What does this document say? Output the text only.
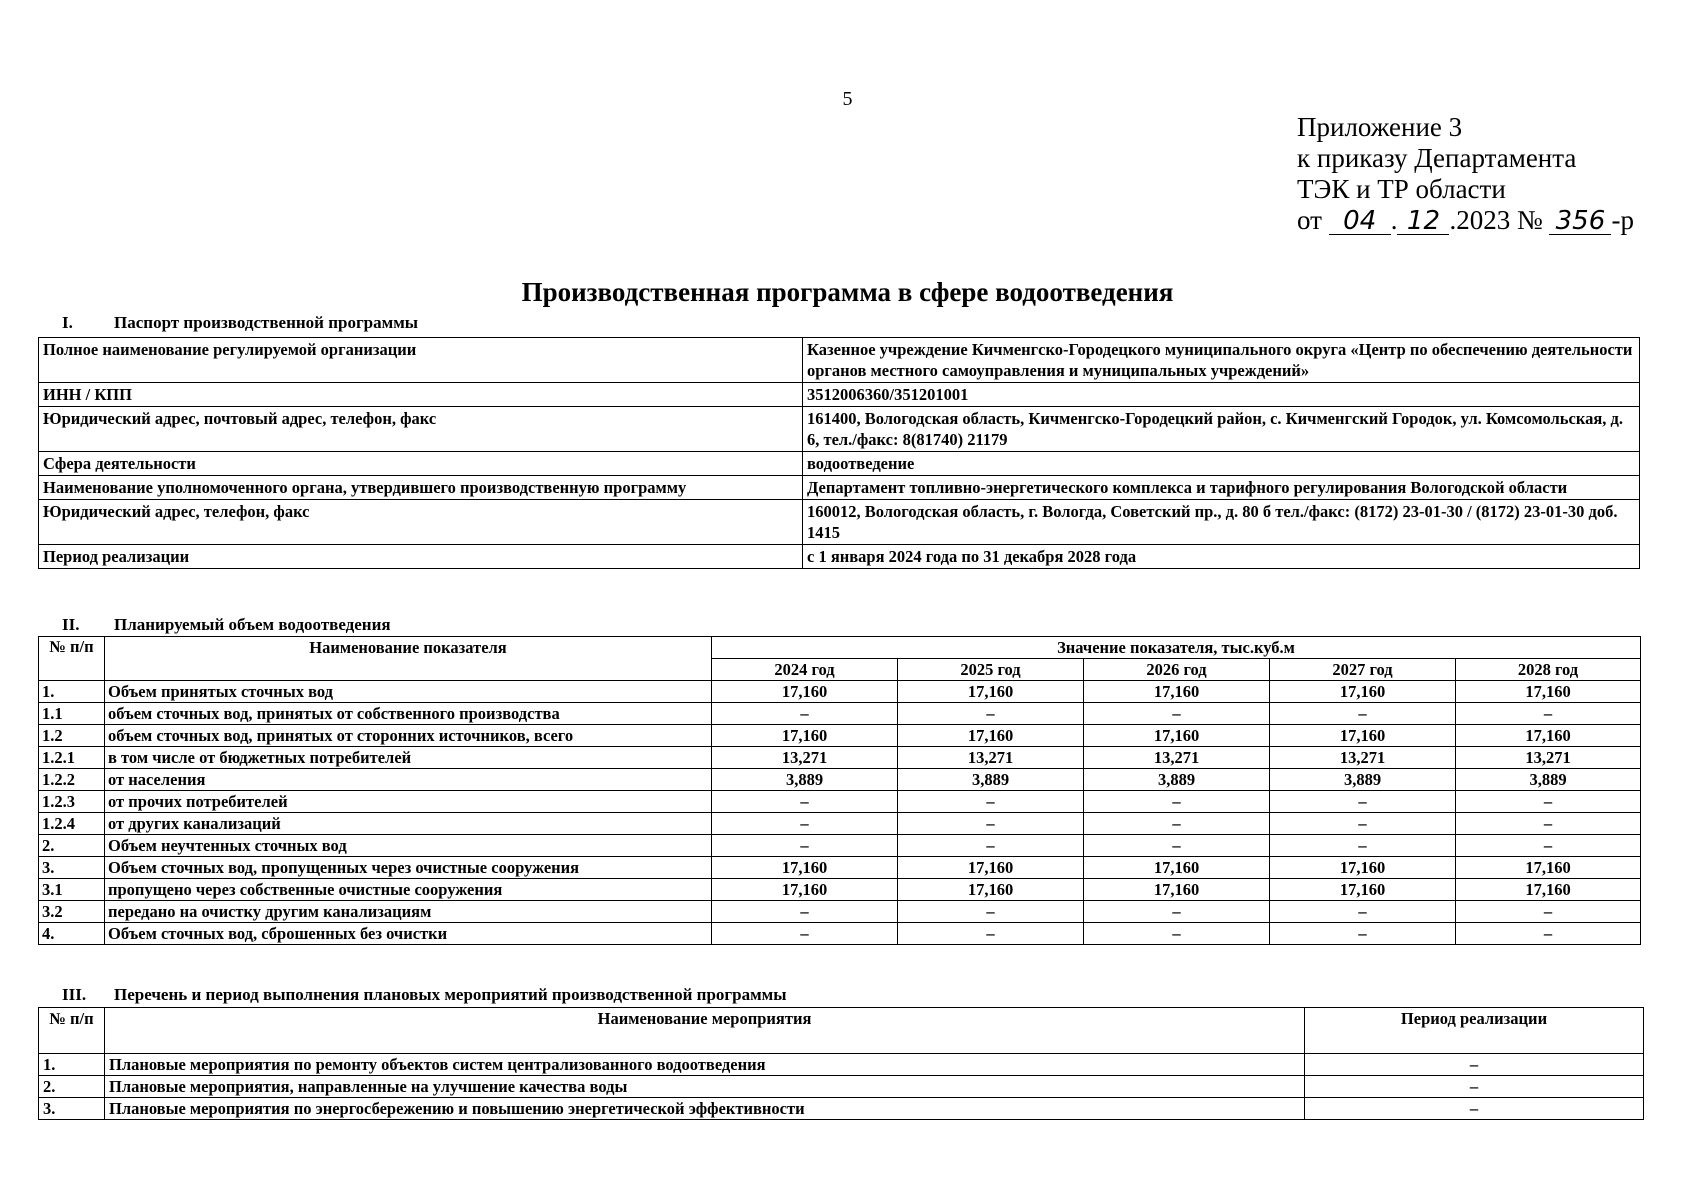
5
Приложение 3
к приказу Департамента
ТЭК и ТР области
от 04 . 12 .2023 № 356 -р
Производственная программа в сфере водоотведения
I. Паспорт производственной программы
Полное наименование регулируемой организации	Казенное учреждение Кичменгско-Городецкого муниципального округа «Центр по обеспечению деятельности органов местного самоуправления и муниципальных учреждений»
ИНН / КПП	3512006360/351201001
Юридический адрес, почтовый адрес, телефон, факс	161400, Вологодская область, Кичменгско-Городецкий район, с. Кичменгский Городок, ул. Комсомольская, д. 6, тел./факс: 8(81740) 21179
Сфера деятельности	водоотведение
Наименование уполномоченного органа, утвердившего производственную программу	Департамент топливно-энергетического комплекса и тарифного регулирования Вологодской области
Юридический адрес, телефон, факс	160012, Вологодская область, г. Вологда, Советский пр., д. 80 б тел./факс: (8172) 23-01-30 / (8172) 23-01-30 доб. 1415
Период реализации	с 1 января 2024 года по 31 декабря 2028 года
II. Планируемый объем водоотведения
№ п/п	Наименование показателя	Значение показателя, тыс.куб.м				
		2024 год	2025 год	2026 год	2027 год	2028 год
1.	Объем принятых сточных вод	17,160	17,160	17,160	17,160	17,160
1.1	объем сточных вод, принятых от собственного производства	–	–	–	–	–
1.2	объем сточных вод, принятых от сторонних источников, всего	17,160	17,160	17,160	17,160	17,160
1.2.1	в том числе от бюджетных потребителей	13,271	13,271	13,271	13,271	13,271
1.2.2	от населения	3,889	3,889	3,889	3,889	3,889
1.2.3	от прочих потребителей	–	–	–	–	–
1.2.4	от других канализаций	–	–	–	–	–
2.	Объем неучтенных сточных вод	–	–	–	–	–
3.	Объем сточных вод, пропущенных через очистные сооружения	17,160	17,160	17,160	17,160	17,160
3.1	пропущено через собственные очистные сооружения	17,160	17,160	17,160	17,160	17,160
3.2	передано на очистку другим канализациям	–	–	–	–	–
4.	Объем сточных вод, сброшенных без очистки	–	–	–	–	–
III. Перечень и период выполнения плановых мероприятий производственной программы
№ п/п	Наименование мероприятия	Период реализации
1.	Плановые мероприятия по ремонту объектов систем централизованного водоотведения	–
2.	Плановые мероприятия, направленные на улучшение качества воды	–
3.	Плановые мероприятия по энергосбережению и повышению энергетической эффективности	–
